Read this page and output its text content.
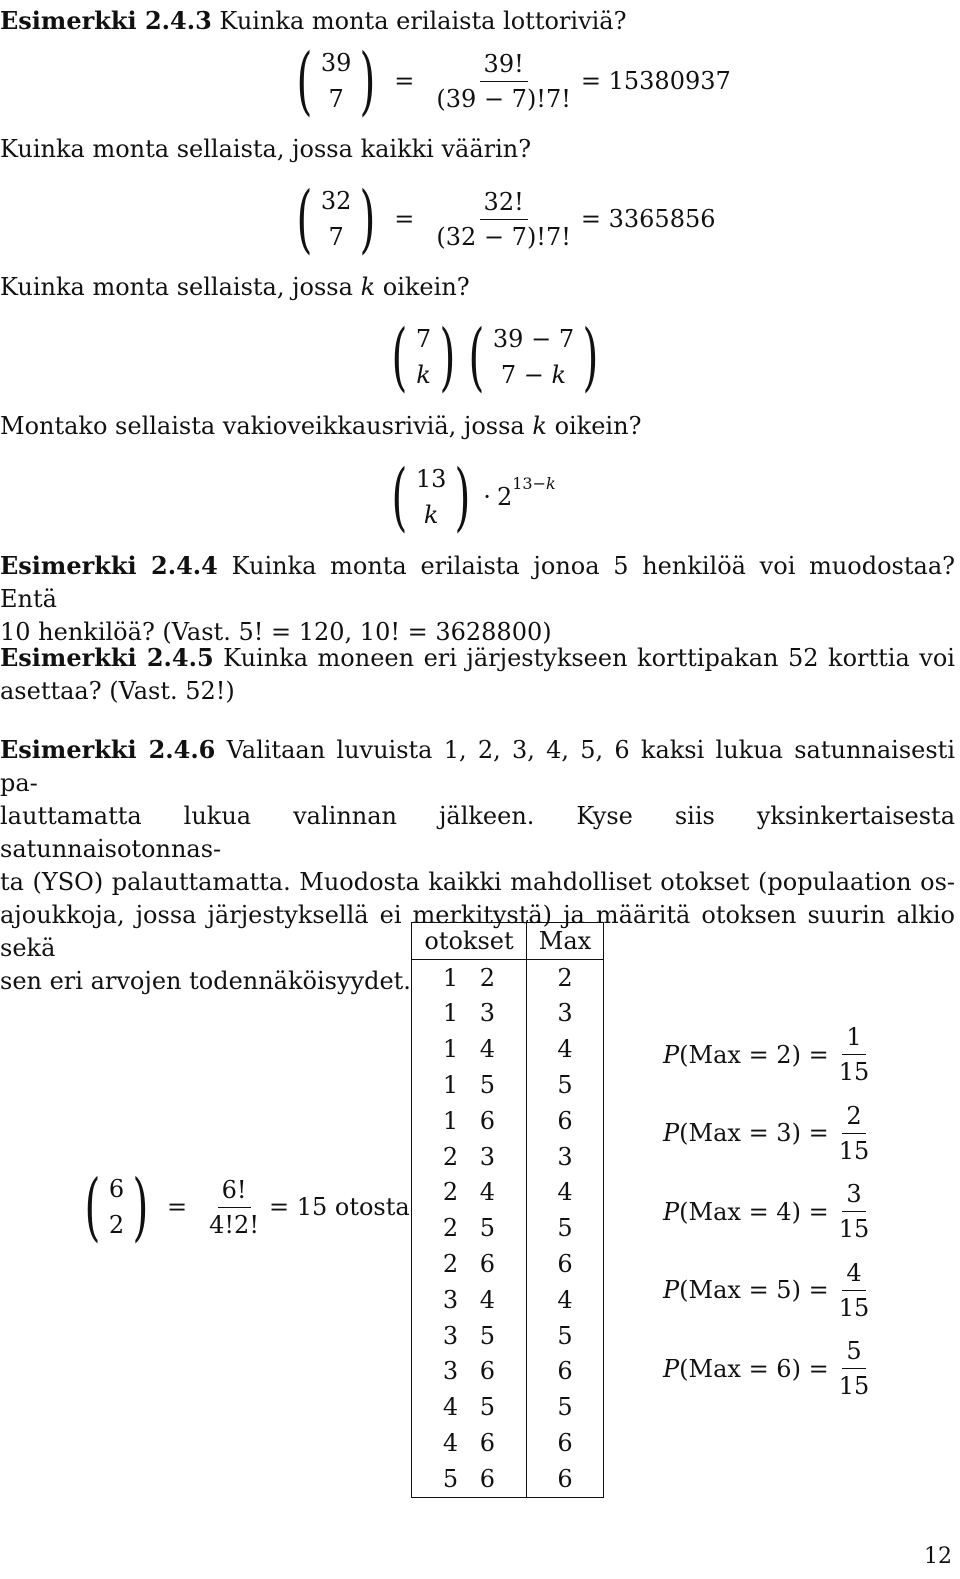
Esimerkki 2.4.3 Kuinka monta erilaista lottoriviä?
( 39
7 ) = $\frac{39!}{(39 - 7)!7!} = 15380937$
Kuinka monta sellaista, jossa kaikki väärin?
( 32
7 ) = $\frac{32!}{(32 - 7)!7!} = 3365856$
Kuinka monta sellaista, jossa k oikein?
( 7
k ) ( 39 − 7
7 − k )
Montako sellaista vakioveikkausriviä, jossa k oikein?
( 13
k ) · 2 $^{13-k}$
Esimerkki 2.4.4 Kuinka monta erilaista jonoa 5 henkilöä voi muodostaa? Entä
10 henkilöä? (Vast. 5! = 120, 10! = 3628800)
Esimerkki 2.4.5 Kuinka moneen eri järjestykseen korttipakan 52 korttia voi
asettaa? (Vast. 52!)
Esimerkki 2.4.6 Valitaan luvuista 1, 2, 3, 4, 5, 6 kaksi lukua satunnaisesti pa-
lauttamatta lukua valinnan jälkeen. Kyse siis yksinkertaisesta satunnaisotonnas-
ta (YSO) palauttamatta. Muodosta kaikki mahdolliset otokset (populaation os-
ajoukkoja, jossa järjestyksellä ei merkitystä) ja määritä otoksen suurin alkio sekä
sen eri arvojen todennäköisyydet.
( 6
2 ) = $\frac{6!}{4!2!} = 15$ otosta
otokset	Max
1 2	2
1 3	3
1 4	4
1 5	5
1 6	6
2 3	3
2 4	4
2 5	5
2 6	6
3 4	4
3 5	5
3 6	6
4 5	5
4 6	6
5 6	6
P $(Max = 2) = \frac{1}{15}$
P $(Max = 3) = \frac{2}{15}$
P $(Max = 4) = \frac{3}{15}$
P $(Max = 5) = \frac{4}{15}$
P $(Max = 6) = \frac{5}{15}$
12
